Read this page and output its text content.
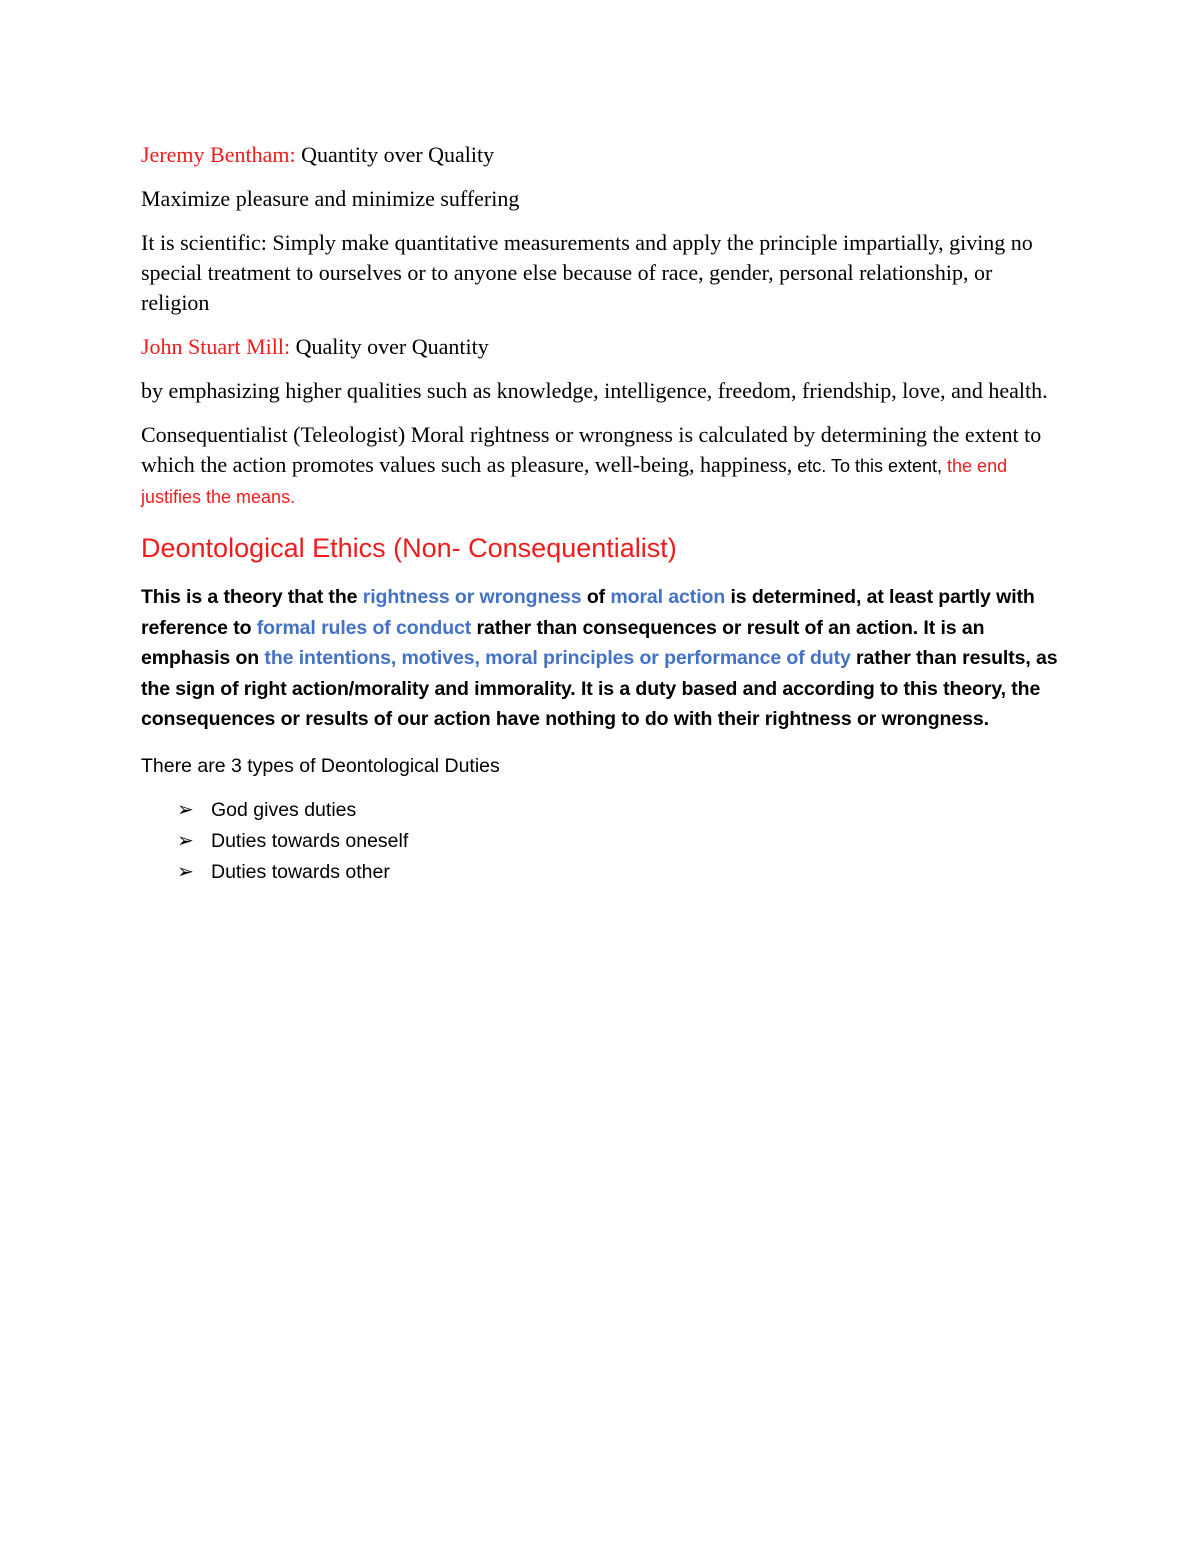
Jeremy Bentham: Quantity over Quality

Maximize pleasure and minimize suffering

It is scientific: Simply make quantitative measurements and apply the principle impartially, giving no special treatment to ourselves or to anyone else because of race, gender, personal relationship, or religion

John Stuart Mill: Quality over Quantity

by emphasizing higher qualities such as knowledge, intelligence, freedom, friendship, love, and health.

Consequentialist (Teleologist) Moral rightness or wrongness is calculated by determining the extent to which the action promotes values such as pleasure, well-being, happiness, etc. To this extent, the end justifies the means.

Deontological Ethics (Non- Consequentialist)

This is a theory that the rightness or wrongness of moral action is determined, at least partly with reference to formal rules of conduct rather than consequences or result of an action. It is an emphasis on the intentions, motives, moral principles or performance of duty rather than results, as the sign of right action/morality and immorality. It is a duty based and according to this theory, the consequences or results of our action have nothing to do with their rightness or wrongness.

There are 3 types of Deontological Duties

➢ God gives duties
➢ Duties towards oneself
➢ Duties towards other
